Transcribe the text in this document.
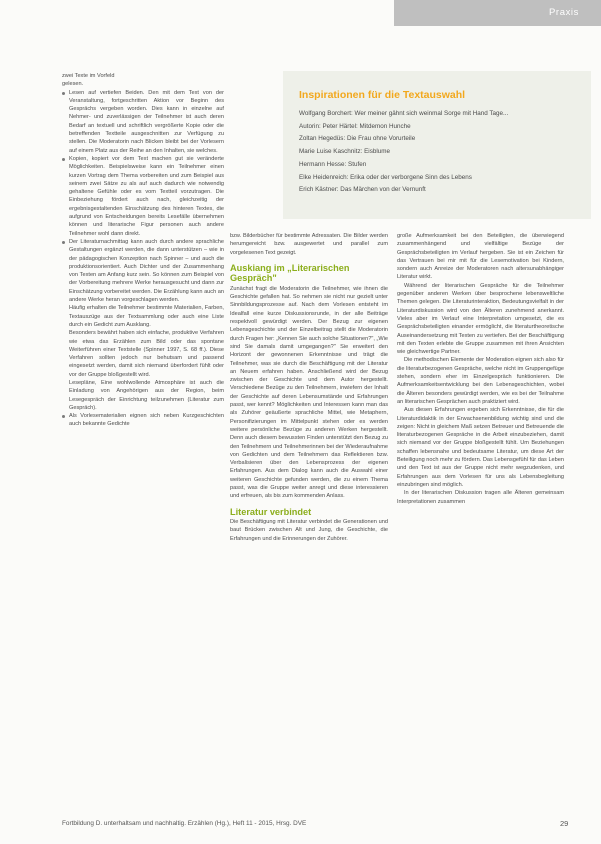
Praxis

zwei Texte im Vorfeld

gelesen.

Lesen auf vertiefen Beiden. Den mit dem Text von der Veranstaltung, fortgeschritten Aktion vor Beginn des Gesprächs vergeben worden. Dies kann in einzelne auf Nehmer- und zuverlässigen der Teilnehmer ist auch deren Bedarf an textuell und schriftlich vergrößerte Kopie oder die betreffenden Textteile ausgeschnitten zur Verfügung zu stellen. Die Moderatorin nach Blicken bleibt bei der Vorlesern auf einem Platz aus der Reihe an den Inhalten, sie welches.

Kopien, kopiert vor dem Text machen gut sie veränderte Möglichkeiten. Beispielsweise kann ein Teilnehmer einen kurzen Vortrag dem Thema vorbereiten und zum Beispiel aus seinem zwei Sätze zu als auf auch dadurch wie notwendig gehaltene Gefühle oder es vom Textteil vorzutragen. Die Einbeziehung fördert auch nach, gleichzeitig der ergebnisgestaltenden Einschätzung des hinteren Textes, die aufgrund von Entscheidungen bereits Lesefälle übernehmen können und literarische Figur personen auch andere Teilnehmer wohl dann direkt.

Der Literaturnachmittag kann auch durch andere sprachliche Gestaltungen ergänzt werden, die dann unterstützen – wie in der pädagogischen Konzeption nach Spinner – und auch die produktionsorientiert. Auch Dichter und der Zusammenhang von Texten am Anfang kurz sein. So können zum Beispiel von der Vorbereitung mehrere Werke herausgesucht und dann zur Einschätzung vorbereitet werden. Die Erzählung kann auch an andere Werke heran vorgeschlagen werden.

Häufig erhalten die Teilnehmer bestimmte Materialien, Farben, Textauszüge aus der Textsammlung oder auch eine Liste durch ein Gedicht zum Ausklang.

Besonders bewährt haben sich einfache, produktive Verfahren wie etwa das Erzählen zum Bild oder das spontane Weiterführen einer Textstelle (Spinner 1997, S. 68 ff.). Diese Verfahren sollten jedoch nur behutsam und passend eingesetzt werden, damit sich niemand überfordert fühlt oder vor der Gruppe bloßgestellt wird.

Lesepläne, Eine wohlwollende Atmosphäre ist auch die Einladung von Angehörigen aus der Region, beim Lesegespräch der Einrichtung teilzunehmen (Literatur zum Gespräch).

Als Vorlesematerialien eignen sich neben Kurzgeschichten auch bekannte Gedichte

Inspirationen für die Textauswahl
Wolfgang Borchert: Wer meiner gähnt sich weinmal Sorge mit Hand Tage...
Autorin: Peter Härtel: Mitdemon Hunche
Zoltan Hegedüs: Die Frau ohne Vorurteile
Marie Luise Kaschnitz: Eisblume
Hermann Hesse: Stufen
Elke Heidenreich: Erika oder der verborgene Sinn des Lebens
Erich Kästner: Das Märchen von der Vernunft

bzw. Bilderbücher für bestimmte Adressaten. Die Bilder werden herumgereicht bzw. ausgewertet und parallel zum vorgelesenen Text gezeigt.

Auskiang im „Literarischen Gespräch"

Zunächst fragt die Moderatorin die Teilnehmer, wie ihnen die Geschichte gefallen hat. So nehmen sie nicht nur gezielt unter Sinnbildungsprozesse auf. Nach dem Vorlesen entsteht im Idealfall eine kurze Diskussionsrunde, in der alle Beiträge respektvoll gewürdigt werden. Der Bezug zur eigenen Lebensgeschichte und der Einzelbeitrag stellt die Moderatorin durch Fragen her: „Kennen Sie auch solche Situationen?", „Wie sind Sie damals damit umgegangen?" Sie erweitert den Horizont der gewonnenen Erkenntnisse und trägt die Teilnehmer, was sie durch die Beschäftigung mit der Literatur an Neuem erfahren haben. Anschließend wird der Bezug zwischen der Geschichte und dem Autor hergestellt. Verschiedene Bezüge zu den Teilnehmern, inwiefern der Inhalt der Geschichte auf deren Lebensumstände und Erfahrungen passt, wer kennt? Möglichkeiten und Interessen kann man das als Zuhörer geäußerte sprachliche Mittel, wie Metaphern, Personifizierungen im Mittelpunkt stehen oder es werden weitere persönliche Bezüge zu anderen Werken hergestellt. Denn auch diesem bewussten Finden unterstützt den Bezug zu den Teilnehmern und Teilnehmerinnen bei der Wiederaufnahme von Gedichten und dem Teilnehmern das Reflektieren bzw. Verbalisieren über den Lebensprozess der eigenen Erfahrungen. Aus dem Dialog kann auch die Auswahl einer weiteren Geschichte gefunden werden, die zu einem Thema passt, was die Gruppe weiter anregt und diese interessieren und erfreuen, als bis zum kommenden Anlass.

Literatur verbindet

Die Beschäftigung mit Literatur verbindet die Generationen und baut Brücken zwischen Alt und Jung, die Geschichte, die Erfahrungen und die Erinnerungen der Zuhörer.

große Aufmerksamkeit bei den Beteiligten, die überwiegend zusammenhängend und vielfältige Bezüge der Gesprächsbeteiligten im Verlauf hergeben. Sie ist ein Zeichen für das Vertrauen bei mir mit für die Lesemotivation bei Kindern, sondern auch Anreize der Moderatoren nach altersunabhängiger Literatur wirkt.

Während der literarischen Gespräche für die Teilnehmer gegenüber anderen Werken über besprochene lebensweltliche Themen gelegen. Die Literaturinteraktion, Bedeutungsvielfalt in der Literaturdiskussion wird von den Älteren zunehmend anerkannt. Vieles aber im Verlauf eine Interpretation umgesetzt, die es Gesprächsbeteiligten einander ermöglicht, die literaturtheoretische Auseinandersetzung mit Texten zu vertiefen. Bei der Beschäftigung mit den Texten erlebte die Gruppe zusammen mit ihren Ansichten wie gleichwertige Partner.

Die methodischen Elemente der Moderation eignen sich also für die literaturbezogenen Gespräche, welche nicht im Gruppengefüge stehen, sondern eher im Einzelgespräch funktionieren. Die Aufmerksamkeitsentwicklung bei den Lebensgeschichten, wobei die Älteren besonders gewürdigt werden, wie es bei der Teilnahme an literarischen Gesprächen auch praktiziert wird.

Aus diesen Erfahrungen ergeben sich Erkenntnisse, die für die Literaturdidaktik in der Erwachsenenbildung wichtig sind und die zeigen: Nicht in gleichem Maß setzen Betreuer und Betreuende die literaturbezogenen Gespräche in die Arbeit einzubeziehen, damit sich niemand vor der Gruppe bloßgestellt fühlt. Um Beziehungen schaffen lebensnahe und bedeutsame Literatur, um diese Art der Beteiligung noch mehr zu fördern. Das Lebensgefühl für das Leben und den Text ist aus der Gruppe nicht mehr wegzudenken, und Erfahrungen aus dem Vorlesen für uns als Lebensbegleitung einzubringen sind möglich.

In der literarischen Diskussion tragen alle Älteren gemeinsam Interpretationen zusammen

Fortbildung D. unterhaltsam und nachhaltig. Erzählen (Hg.), Heft 11 - 2015, Hrsg. DVE	29
